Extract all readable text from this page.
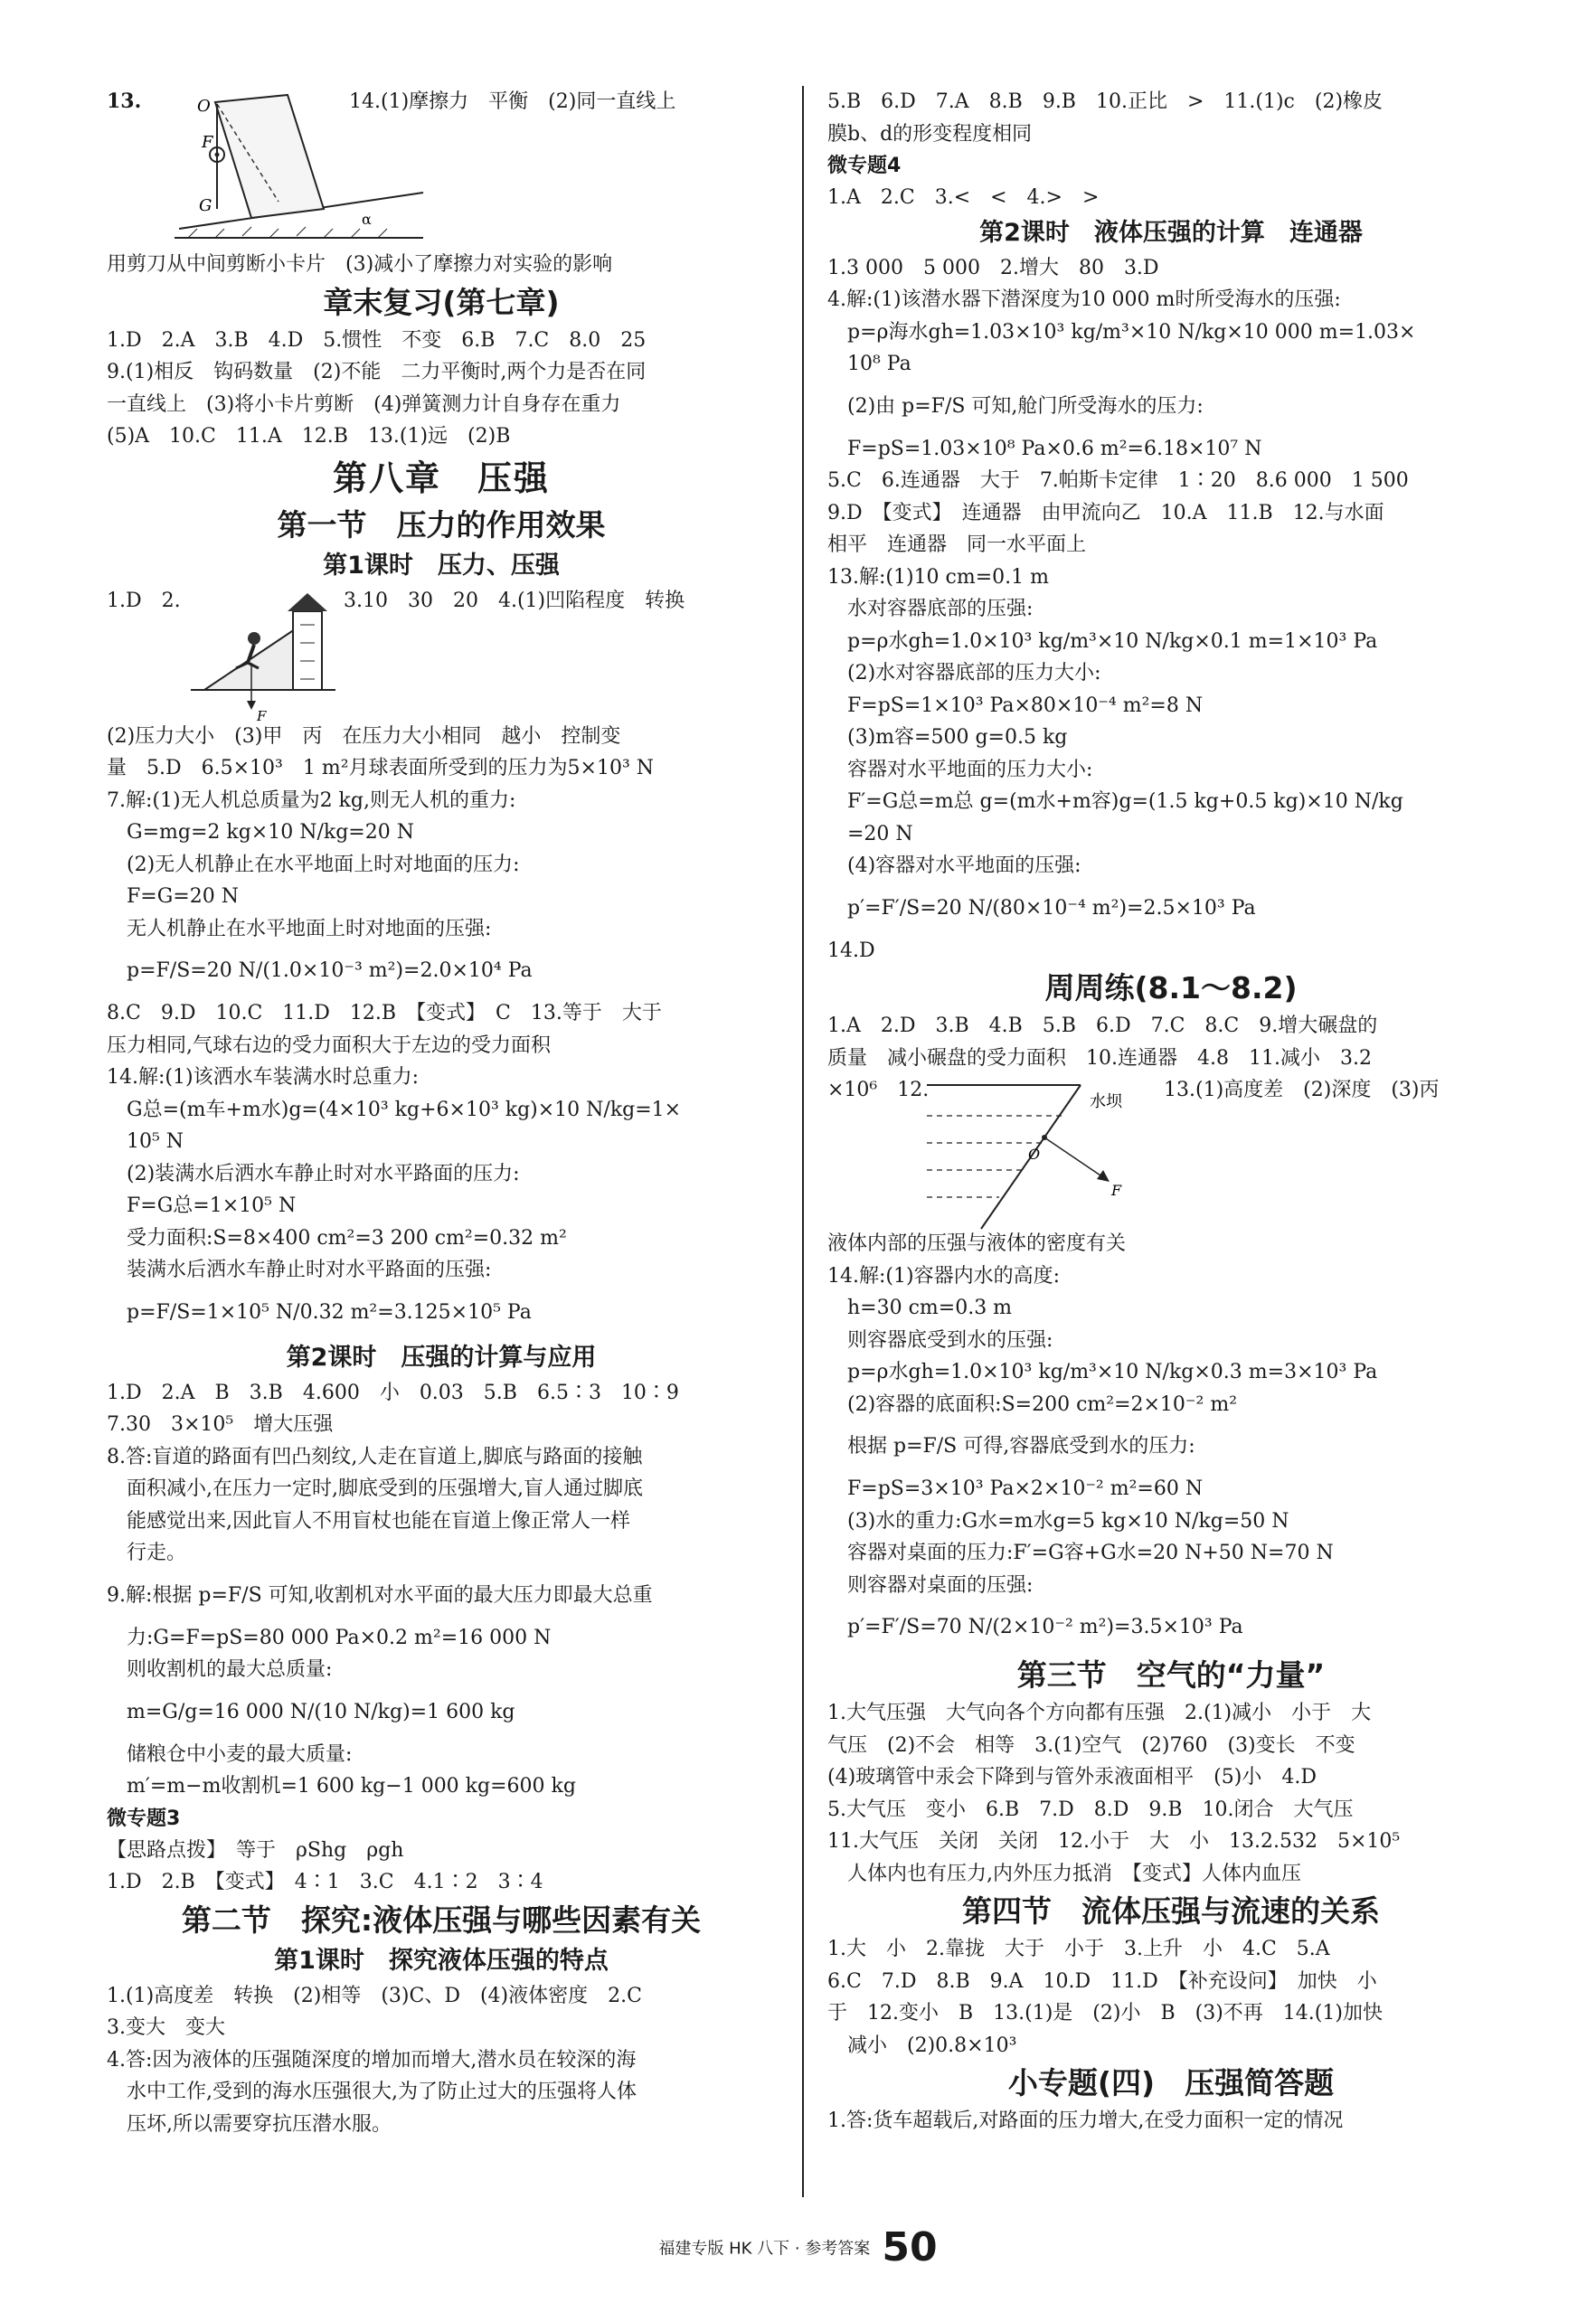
13.	O
F
G
α
14.(1)摩擦力　平衡　(2)同一直线上
用剪刀从中间剪断小卡片　(3)减小了摩擦力对实验的影响
章末复习(第七章)
1.D　2.A　3.B　4.D　5.惯性　不变　6.B　7.C　8.0　25
9.(1)相反　钩码数量　(2)不能　二力平衡时,两个力是否在同
一直线上　(3)将小卡片剪断　(4)弹簧测力计自身存在重力
(5)A　10.C　11.A　12.B　13.(1)远　(2)B
第八章　压强
第一节　压力的作用效果
第1课时　压力、压强
1.D　2.
F
3.10　30　20　4.(1)凹陷程度　转换
(2)压力大小　(3)甲　丙　在压力大小相同　越小　控制变
量　5.D　6.5×10³　1 m²月球表面所受到的压力为5×10³ N
7.解:(1)无人机总质量为2 kg,则无人机的重力:
G=mg=2 kg×10 N/kg=20 N
(2)无人机静止在水平地面上时对地面的压力:
F=G=20 N
无人机静止在水平地面上时对地面的压强:
p=F/S=20 N/(1.0×10⁻³ m²)=2.0×10⁴ Pa
8.C　9.D　10.C　11.D　12.B　【变式】　C　13.等于　大于
压力相同,气球右边的受力面积大于左边的受力面积
14.解:(1)该洒水车装满水时总重力:
G总=(m车+m水)g=(4×10³ kg+6×10³ kg)×10 N/kg=1×
10⁵ N
(2)装满水后洒水车静止时对水平路面的压力:
F=G总=1×10⁵ N
受力面积:S=8×400 cm²=3 200 cm²=0.32 m²
装满水后洒水车静止时对水平路面的压强:
p=F/S=1×10⁵ N/0.32 m²=3.125×10⁵ Pa
第2课时　压强的计算与应用
1.D　2.A　B　3.B　4.600　小　0.03　5.B　6.5∶3　10∶9
7.30　3×10⁵　增大压强
8.答:盲道的路面有凹凸刻纹,人走在盲道上,脚底与路面的接触
面积减小,在压力一定时,脚底受到的压强增大,盲人通过脚底
能感觉出来,因此盲人不用盲杖也能在盲道上像正常人一样
行走。
9.解:根据 p=F/S 可知,收割机对水平面的最大压力即最大总重
力:G=F=pS=80 000 Pa×0.2 m²=16 000 N
则收割机的最大总质量:
m=G/g=16 000 N/(10 N/kg)=1 600 kg
储粮仓中小麦的最大质量:
m′=m−m收割机=1 600 kg−1 000 kg=600 kg
微专题3
【思路点拨】　等于　ρShg　ρgh
1.D　2.B　【变式】　4∶1　3.C　4.1∶2　3∶4
第二节　探究:液体压强与哪些因素有关
第1课时　探究液体压强的特点
1.(1)高度差　转换　(2)相等　(3)C、D　(4)液体密度　2.C
3.变大　变大
4.答:因为液体的压强随深度的增加而增大,潜水员在较深的海
水中工作,受到的海水压强很大,为了防止过大的压强将人体
压坏,所以需要穿抗压潜水服。
5.B　6.D　7.A　8.B　9.B　10.正比　>　11.(1)c　(2)橡皮
膜b、d的形变程度相同
微专题4
1.A　2.C　3.<　<　4.>　>
第2课时　液体压强的计算　连通器
1.3 000　5 000　2.增大　80　3.D
4.解:(1)该潜水器下潜深度为10 000 m时所受海水的压强:
p=ρ海水gh=1.03×10³ kg/m³×10 N/kg×10 000 m=1.03×
10⁸ Pa
(2)由 p=F/S 可知,舱门所受海水的压力:
F=pS=1.03×10⁸ Pa×0.6 m²=6.18×10⁷ N
5.C　6.连通器　大于　7.帕斯卡定律　1∶20　8.6 000　1 500
9.D　【变式】　连通器　由甲流向乙　10.A　11.B　12.与水面
相平　连通器　同一水平面上
13.解:(1)10 cm=0.1 m
水对容器底部的压强:
p=ρ水gh=1.0×10³ kg/m³×10 N/kg×0.1 m=1×10³ Pa
(2)水对容器底部的压力大小:
F=pS=1×10³ Pa×80×10⁻⁴ m²=8 N
(3)m容=500 g=0.5 kg
容器对水平地面的压力大小:
F′=G总=m总 g=(m水+m容)g=(1.5 kg+0.5 kg)×10 N/kg
=20 N
(4)容器对水平地面的压强:
p′=F′/S=20 N/(80×10⁻⁴ m²)=2.5×10³ Pa
14.D
周周练(8.1～8.2)
1.A　2.D　3.B　4.B　5.B　6.D　7.C　8.C　9.增大碾盘的
质量　减小碾盘的受力面积　10.连通器　4.8　11.减小　3.2
×10⁶　12.
水坝
O
F
13.(1)高度差　(2)深度　(3)丙
液体内部的压强与液体的密度有关
14.解:(1)容器内水的高度:
h=30 cm=0.3 m
则容器底受到水的压强:
p=ρ水gh=1.0×10³ kg/m³×10 N/kg×0.3 m=3×10³ Pa
(2)容器的底面积:S=200 cm²=2×10⁻² m²
根据 p=F/S 可得,容器底受到水的压力:
F=pS=3×10³ Pa×2×10⁻² m²=60 N
(3)水的重力:G水=m水g=5 kg×10 N/kg=50 N
容器对桌面的压力:F′=G容+G水=20 N+50 N=70 N
则容器对桌面的压强:
p′=F′/S=70 N/(2×10⁻² m²)=3.5×10³ Pa
第三节　空气的“力量”
1.大气压强　大气向各个方向都有压强　2.(1)减小　小于　大
气压　(2)不会　相等　3.(1)空气　(2)760　(3)变长　不变
(4)玻璃管中汞会下降到与管外汞液面相平　(5)小　4.D
5.大气压　变小　6.B　7.D　8.D　9.B　10.闭合　大气压
11.大气压　关闭　关闭　12.小于　大　小　13.2.532　5×10⁵
人体内也有压力,内外压力抵消　【变式】人体内血压
第四节　流体压强与流速的关系
1.大　小　2.靠拢　大于　小于　3.上升　小　4.C　5.A
6.C　7.D　8.B　9.A　10.D　11.D　【补充设问】　加快　小
于　12.变小　B　13.(1)是　(2)小　B　(3)不再　14.(1)加快
减小　(2)0.8×10³
小专题(四)　压强简答题
1.答:货车超载后,对路面的压力增大,在受力面积一定的情况
福建专版 HK 八下 · 参考答案 50
